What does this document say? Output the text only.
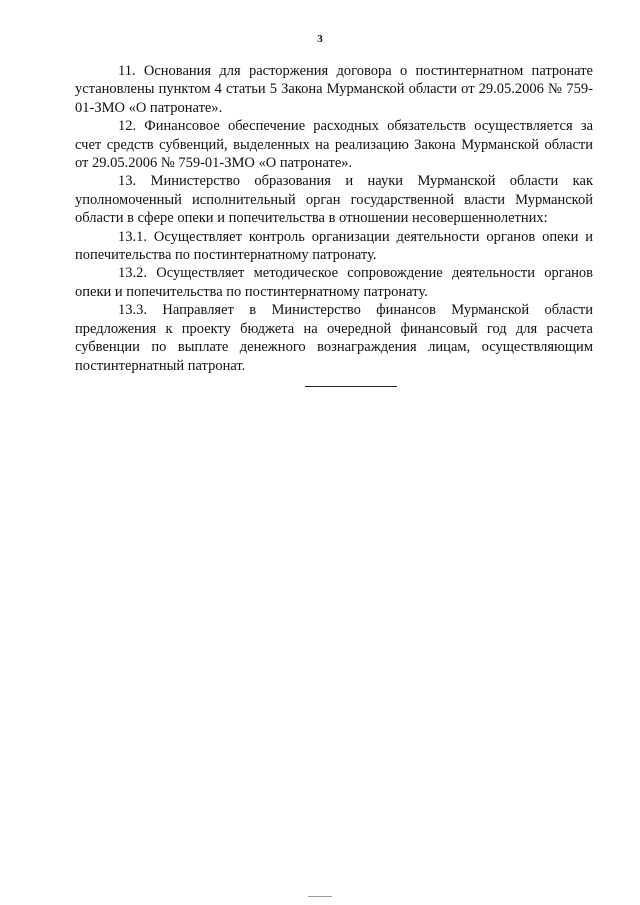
3

11. Основания для расторжения договора о постинтернатном патронате установлены пунктом 4 статьи 5 Закона Мурманской области от 29.05.2006 № 759-01-ЗМО «О патронате».

12. Финансовое обеспечение расходных обязательств осуществляется за счет средств субвенций, выделенных на реализацию Закона Мурманской области от 29.05.2006 № 759-01-ЗМО «О патронате».

13. Министерство образования и науки Мурманской области как уполномоченный исполнительный орган государственной власти Мурманской области в сфере опеки и попечительства в отношении несовершеннолетних:

13.1. Осуществляет контроль организации деятельности органов опеки и попечительства по постинтернатному патронату.

13.2. Осуществляет методическое сопровождение деятельности органов опеки и попечительства по постинтернатному патронату.

13.3. Направляет в Министерство финансов Мурманской области предложения к проекту бюджета на очередной финансовый год для расчета субвенции по выплате денежного вознаграждения лицам, осуществляющим постинтернатный патронат.
